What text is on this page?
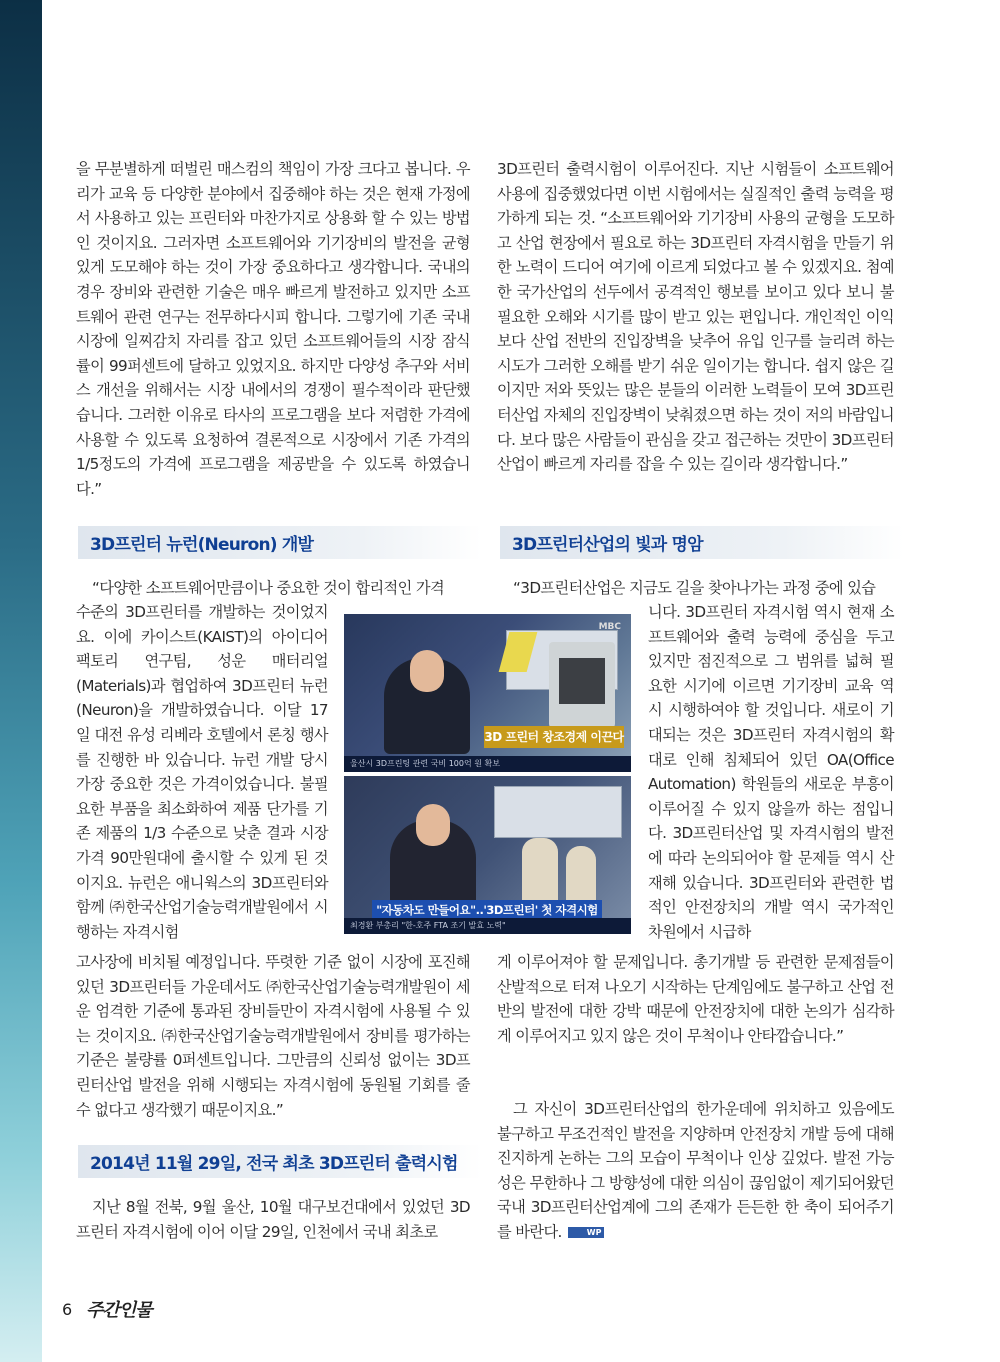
을 무분별하게 떠벌린 매스컴의 책임이 가장 크다고 봅니다. 우리가 교육 등 다양한 분야에서 집중해야 하는 것은 현재 가정에서 사용하고 있는 프린터와 마찬가지로 상용화 할 수 있는 방법인 것이지요. 그러자면 소프트웨어와 기기장비의 발전을 균형 있게 도모해야 하는 것이 가장 중요하다고 생각합니다. 국내의 경우 장비와 관련한 기술은 매우 빠르게 발전하고 있지만 소프트웨어 관련 연구는 전무하다시피 합니다. 그렇기에 기존 국내 시장에 일찌감치 자리를 잡고 있던 소프트웨어들의 시장 잠식률이 99퍼센트에 달하고 있었지요. 하지만 다양성 추구와 서비스 개선을 위해서는 시장 내에서의 경쟁이 필수적이라 판단했습니다. 그러한 이유로 타사의 프로그램을 보다 저렴한 가격에 사용할 수 있도록 요청하여 결론적으로 시장에서 기존 가격의 1/5정도의 가격에 프로그램을 제공받을 수 있도록 하였습니다.”

3D프린터 출력시험이 이루어진다. 지난 시험들이 소프트웨어 사용에 집중했었다면 이번 시험에서는 실질적인 출력 능력을 평가하게 되는 것. “소프트웨어와 기기장비 사용의 균형을 도모하고 산업 현장에서 필요로 하는 3D프린터 자격시험을 만들기 위한 노력이 드디어 여기에 이르게 되었다고 볼 수 있겠지요. 첨예한 국가산업의 선두에서 공격적인 행보를 보이고 있다 보니 불필요한 오해와 시기를 많이 받고 있는 편입니다. 개인적인 이익보다 산업 전반의 진입장벽을 낮추어 유입 인구를 늘리려 하는 시도가 그러한 오해를 받기 쉬운 일이기는 합니다. 쉽지 않은 길이지만 저와 뜻있는 많은 분들의 이러한 노력들이 모여 3D프린터산업 자체의 진입장벽이 낮춰졌으면 하는 것이 저의 바람입니다. 보다 많은 사람들이 관심을 갖고 접근하는 것만이 3D프린터산업이 빠르게 자리를 잡을 수 있는 길이라 생각합니다.”

3D프린터 뉴런(Neuron) 개발	3D프린터산업의 빛과 명암
2014년 11월 29일, 전국 최초 3D프린터 출력시험
“다양한 소프트웨어만큼이나 중요한 것이 합리적인 가격
수준의 3D프린터를 개발하는 것이었지요. 이에 카이스트(KAIST)의 아이디어 팩토리 연구팀, 성운 매터리얼(Materials)과 협업하여 3D프린터 뉴런(Neuron)을 개발하였습니다. 이달 17일 대전 유성 리베라 호텔에서 론칭 행사를 진행한 바 있습니다. 뉴런 개발 당시 가장 중요한 것은 가격이었습니다. 불필요한 부품을 최소화하여 제품 단가를 기존 제품의 1/3 수준으로 낮춘 결과 시장가격 90만원대에 출시할 수 있게 된 것이지요. 뉴런은 애니웍스의 3D프린터와 함께 ㈜한국산업기술능력개발원에서 시행하는 자격시험
고사장에 비치될 예정입니다. 뚜렷한 기준 없이 시장에 포진해 있던 3D프린터들 가운데서도 ㈜한국산업기술능력개발원이 세운 엄격한 기준에 통과된 장비들만이 자격시험에 사용될 수 있는 것이지요. ㈜한국산업기술능력개발원에서 장비를 평가하는 기준은 불량률 0퍼센트입니다. 그만큼의 신뢰성 없이는 3D프린터산업 발전을 위해 시행되는 자격시험에 동원될 기회를 줄 수 없다고 생각했기 때문이지요.”
“3D프린터산업은 지금도 길을 찾아나가는 과정 중에 있습
니다. 3D프린터 자격시험 역시 현재 소프트웨어와 출력 능력에 중심을 두고 있지만 점진적으로 그 범위를 넓혀 필요한 시기에 이르면 기기장비 교육 역시 시행하여야 할 것입니다. 새로이 기대되는 것은 3D프린터 자격시험의 확대로 인해 침체되어 있던 OA(Office Automation) 학원들의 새로운 부흥이 이루어질 수 있지 않을까 하는 점입니다. 3D프린터산업 및 자격시험의 발전에 따라 논의되어야 할 문제들 역시 산재해 있습니다. 3D프린터와 관련한 법적인 안전장치의 개발 역시 국가적인 차원에서 시급하
게 이루어져야 할 문제입니다. 총기개발 등 관련한 문제점들이 산발적으로 터져 나오기 시작하는 단계임에도 불구하고 산업 전반의 발전에 대한 강박 때문에 안전장치에 대한 논의가 심각하게 이루어지고 있지 않은 것이 무척이나 안타깝습니다.”
그 자신이 3D프린터산업의 한가운데에 위치하고 있음에도 불구하고 무조건적인 발전을 지양하며 안전장치 개발 등에 대해 진지하게 논하는 그의 모습이 무척이나 인상 깊었다. 발전 가능성은 무한하나 그 방향성에 대한 의심이 끊임없이 제기되어왔던 국내 3D프린터산업계에 그의 존재가 든든한 한 축이 되어주기를 바란다.	WP
지난 8월 전북, 9월 울산, 10월 대구보건대에서 있었던 3D프린터 자격시험에 이어 이달 29일, 인천에서 국내 최초로
MBC
3D 프린터 창조경제 이끈다
울산시 3D프린팅 관련 국비 100억 원 확보
"자동차도 만들어요"..'3D프린터' 첫 자격시험
최경환 부총리 "한-호주 FTA 조기 발효 노력"
6 주간인물
